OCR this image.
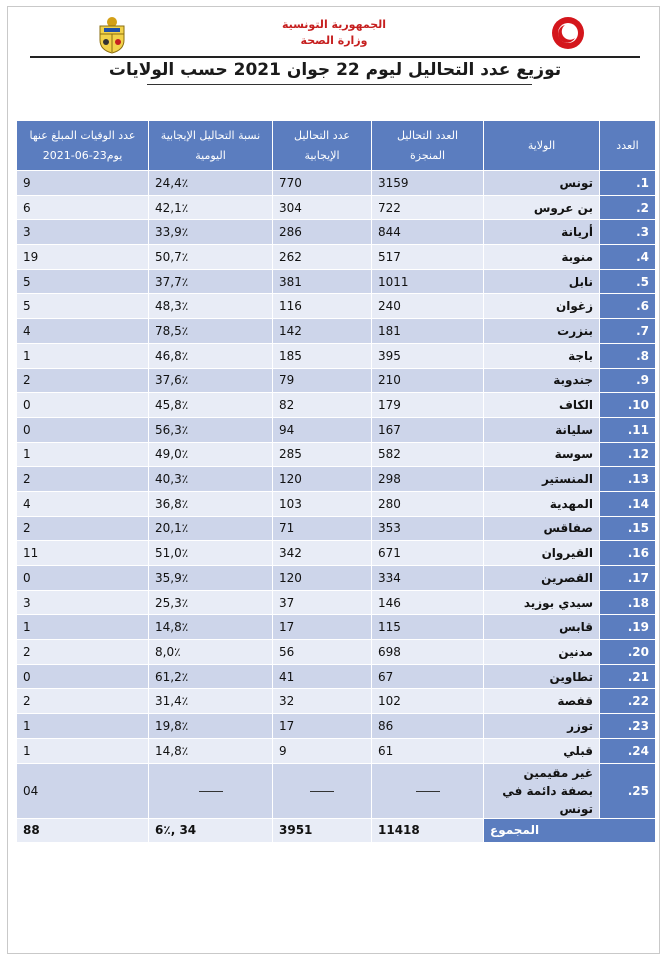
الجمهورية التونسية
وزارة الصحة
توزيع عدد التحاليل ليوم 22 جوان 2021 حسب الولايات
العدد	الولاية	العدد التحاليل المنجزة	عدد التحاليل الإيجابية	نسبة التحاليل الإيجابية اليومية	عدد الوفيات المبلغ عنها يوم23-06-2021
1.	تونس	3159	770	24,4٪	9
2.	بن عروس	722	304	42,1٪	6
3.	أريانة	844	286	33,9٪	3
4.	منوبة	517	262	50,7٪	19
5.	نابل	1011	381	37,7٪	5
6.	زغوان	240	116	48,3٪	5
7.	بنزرت	181	142	78,5٪	4
8.	باجة	395	185	46,8٪	1
9.	جندوبة	210	79	37,6٪	2
10.	الكاف	179	82	45,8٪	0
11.	سليانة	167	94	56,3٪	0
12.	سوسة	582	285	49,0٪	1
13.	المنستير	298	120	40,3٪	2
14.	المهدية	280	103	36,8٪	4
15.	صفاقس	353	71	20,1٪	2
16.	القيروان	671	342	51,0٪	11
17.	القصرين	334	120	35,9٪	0
18.	سيدي بوزيد	146	37	25,3٪	3
19.	قابس	115	17	14,8٪	1
20.	مدنين	698	56	8,0٪	2
21.	تطاوين	67	41	61,2٪	0
22.	قفصة	102	32	31,4٪	2
23.	توزر	86	17	19,8٪	1
24.	قبلي	61	9	14,8٪	1
25.	غير مقيمين بصفة دائمة في تونس				04
المجموع		11418	3951	34 ,6٪	88
